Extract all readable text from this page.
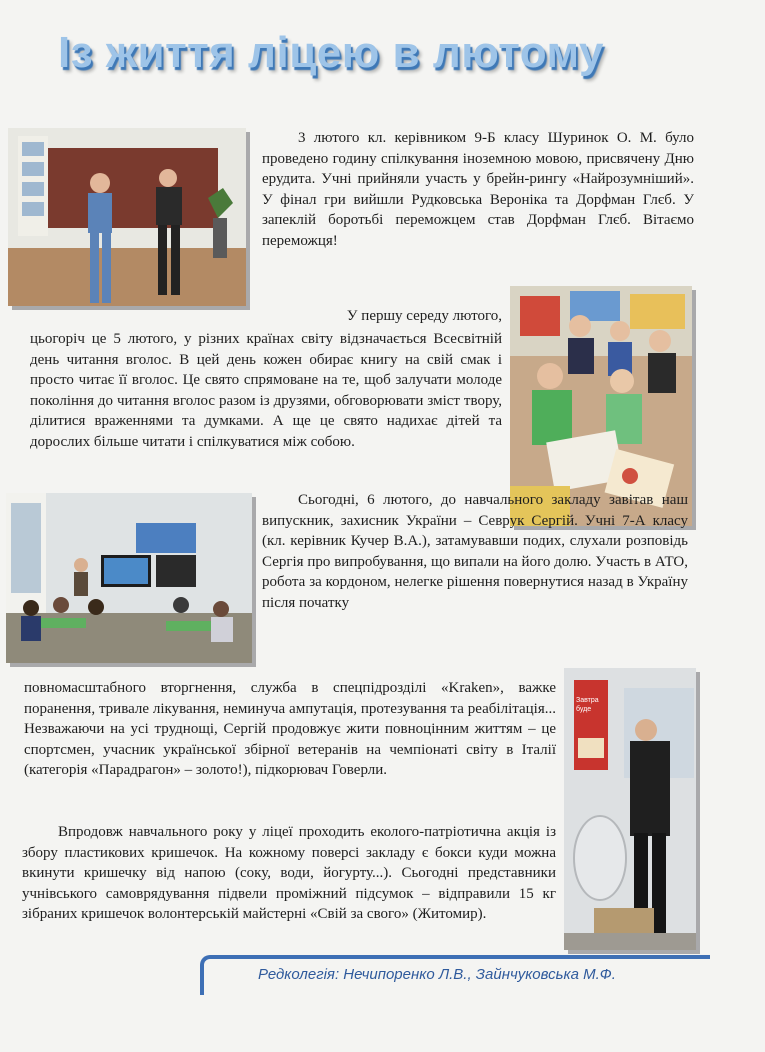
Із життя ліцею в лютому
3 лютого кл. керівником 9-Б класу Шуринок О. М. було проведено годину спілкування іноземною мовою, присвячену Дню ерудита. Учні прийняли участь у брейн-рингу «Найрозумніший». У фінал гри вийшли Рудковська Вероніка та Дорфман Глєб. У запеклій боротьбі переможцем став Дорфман Глєб. Вітаємо переможця!
У першу середу лютого,
цьогоріч це 5 лютого, у різних країнах світу відзначається Всесвітній день читання вголос. В цей день кожен обирає книгу на свій смак і просто читає її вголос. Це свято спрямоване на те, щоб залучати молоде покоління до читання вголос разом із друзями, обговорювати зміст твору, ділитися враженнями та думками. А ще це свято надихає дітей та дорослих більше читати і спілкуватися між собою.
Сьогодні, 6 лютого, до навчального закладу завітав наш випускник, захисник України – Севрук Сергій. Учні 7-А класу (кл. керівник Кучер В.А.), затамувавши подих, слухали розповідь Сергія про випробування, що випали на його долю. Участь в АТО, робота за кордоном, нелегке рішення повернутися назад в Україну після початку
Завтра буде
повномасштабного вторгнення, служба в спецпідрозділі «Kraken», важке поранення, тривале лікування, неминуча ампутація, протезування та реабілітація... Незважаючи на усі труднощі, Сергій продовжує жити повноцінним життям – це спортсмен, учасник української збірної ветеранів на чемпіонаті світу в Італії (категорія «Парадрагон» – золото!), підкорювач Говерли.
Впродовж навчального року у ліцеї проходить еколого-патріотична акція із збору пластикових кришечок. На кожному поверсі закладу є бокси куди можна вкинути кришечку від напою (соку, води, йогурту...). Сьогодні представники учнівського самоврядування підвели проміжний підсумок – відправили 15 кг зібраних кришечок волонтерській майстерні «Свій за свого» (Житомир).
Редколегія: Нечипоренко Л.В., Зайнчуковська М.Ф.
